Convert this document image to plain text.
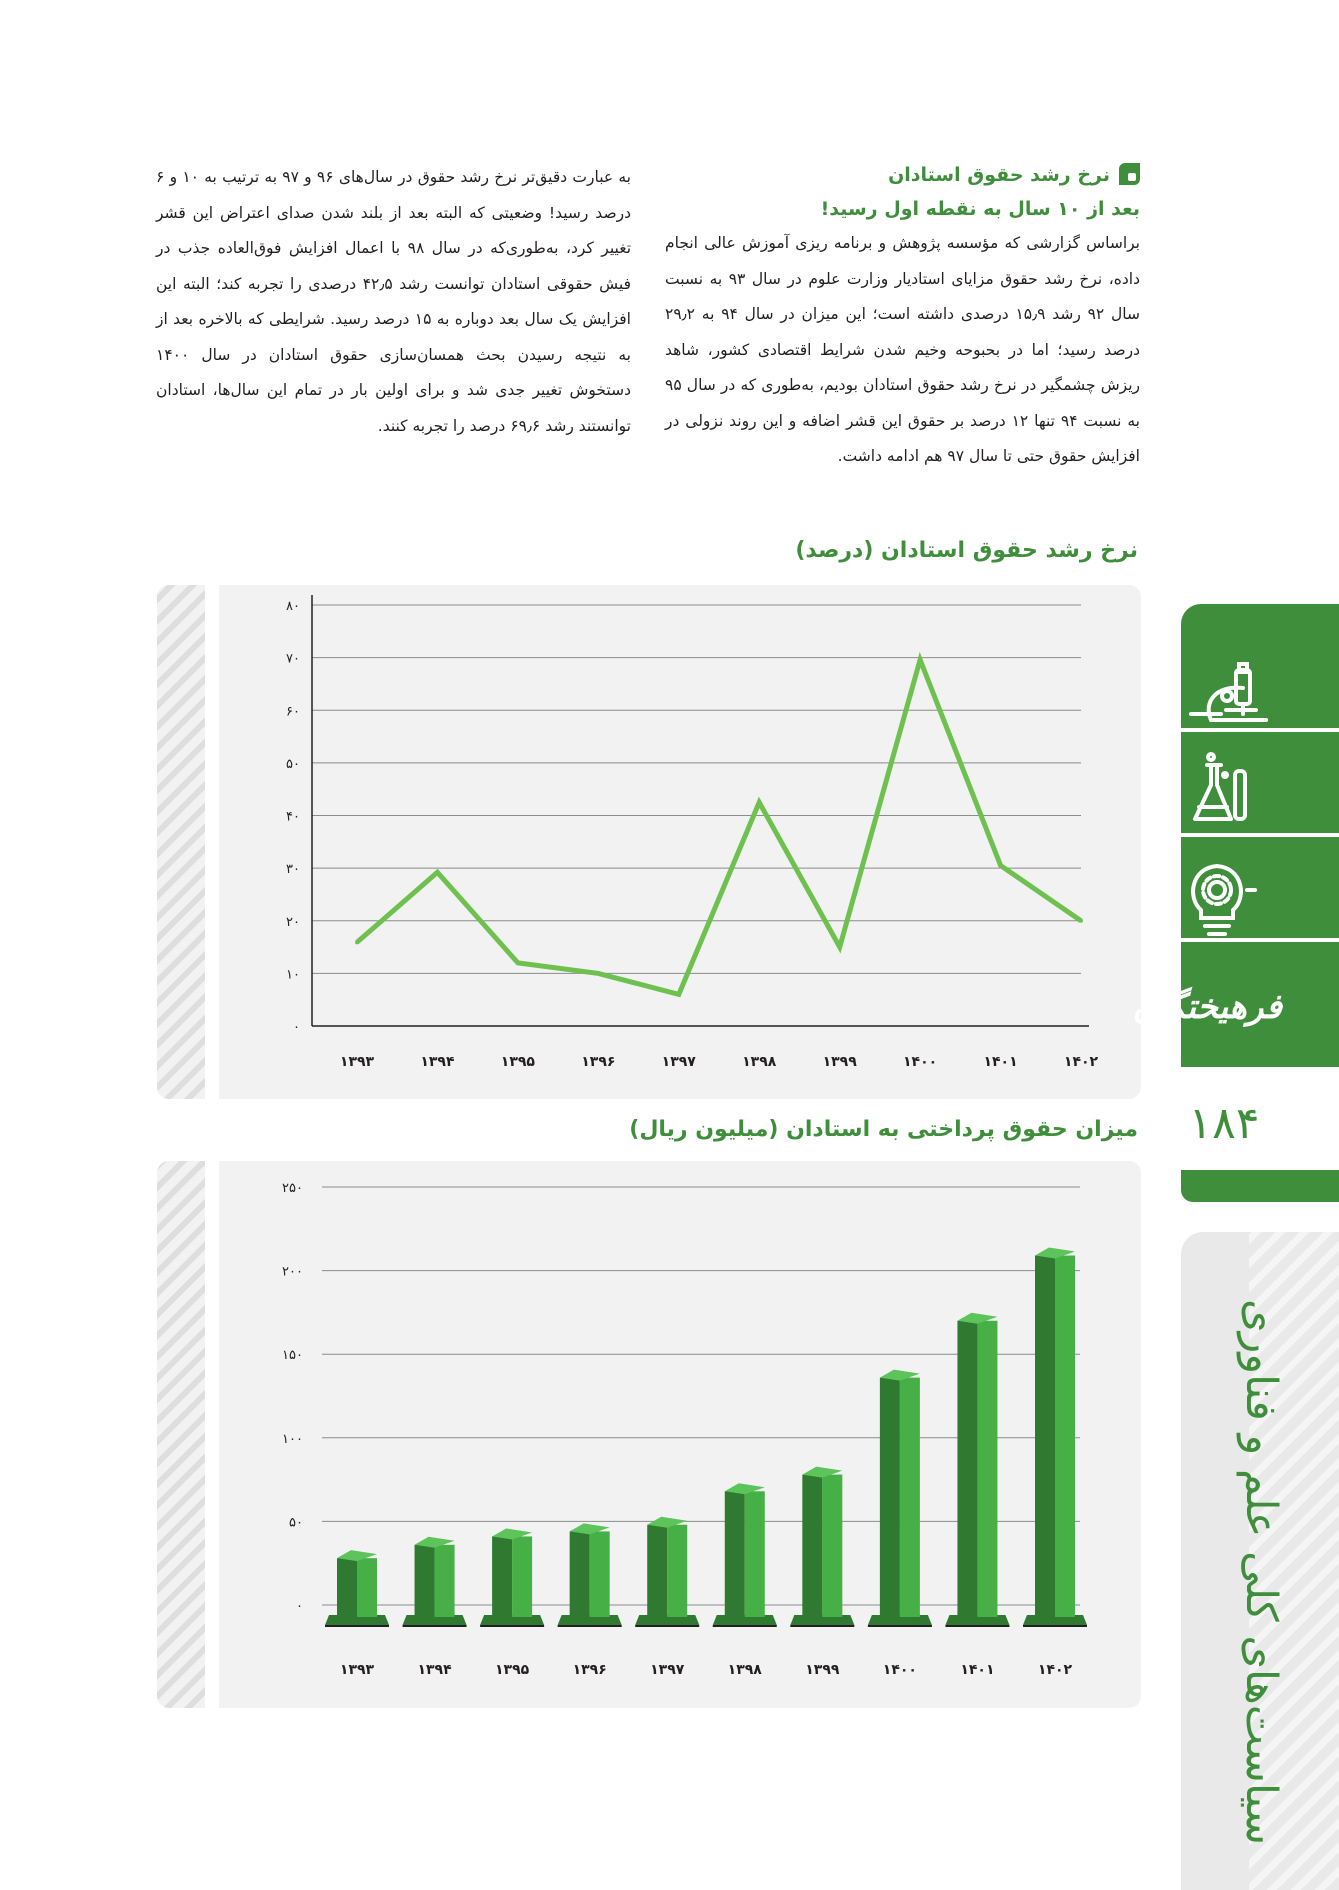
نرخ رشد حقوق استادان
بعد از ۱۰ سال به نقطه اول رسید!
براساس گزارشی که مؤسسه پژوهش و برنامه ریزی آموزش عالی انجام داده، نرخ رشد حقوق مزایای استادیار وزارت علوم در سال ۹۳ به نسبت سال ۹۲ رشد ۱۵٫۹ درصدی داشته است؛ این میزان در سال ۹۴ به ۲۹٫۲ درصد رسید؛ اما در بحبوحه وخیم شدن شرایط اقتصادی کشور، شاهد ریزش چشمگیر در نرخ رشد حقوق استادان بودیم، به‌طوری که در سال ۹۵ به نسبت ۹۴ تنها ۱۲ درصد بر حقوق این قشر اضافه و این روند نزولی در افزایش حقوق حتی تا سال ۹۷ هم ادامه داشت.
به عبارت دقیق‌تر نرخ رشد حقوق در سال‌های ۹۶ و ۹۷ به ترتیب به ۱۰ و ۶ درصد رسید! وضعیتی که البته بعد از بلند شدن صدای اعتراض این قشر تغییر کرد، به‌طوری‌که در سال ۹۸ با اعمال افزایش فوق‌العاده جذب در فیش حقوقی استادان توانست رشد ۴۲٫۵ درصدی را تجربه کند؛ البته این افزایش یک سال بعد دوباره به ۱۵ درصد رسید. شرایطی که بالاخره بعد از به نتیجه رسیدن بحث همسان‌سازی حقوق استادان در سال ۱۴۰۰ دستخوش تغییر جدی شد و برای اولین بار در تمام این سال‌ها، استادان توانستند رشد ۶۹٫۶ درصد را تجربه کنند.
نرخ رشد حقوق استادان (درصد)
۰
۱۰
۲۰
۳۰
۴۰
۵۰
۶۰
۷۰
۸۰
۱۳۹۳	۱۳۹۴	۱۳۹۵	۱۳۹۶	۱۳۹۷	۱۳۹۸	۱۳۹۹	۱۴۰۰	۱۴۰۱	۱۴۰۲
میزان حقوق پرداختی به استادان (میلیون ریال)
۰
۵۰
۱۰۰
۱۵۰
۲۰۰
۲۵۰
۱۳۹۳	۱۳۹۴	۱۳۹۵	۱۳۹۶	۱۳۹۷	۱۳۹۸	۱۳۹۹	۱۴۰۰	۱۴۰۱	۱۴۰۲
فرهیختگان
۱۸۴
سیاست‌های کلی علم و فناوری
